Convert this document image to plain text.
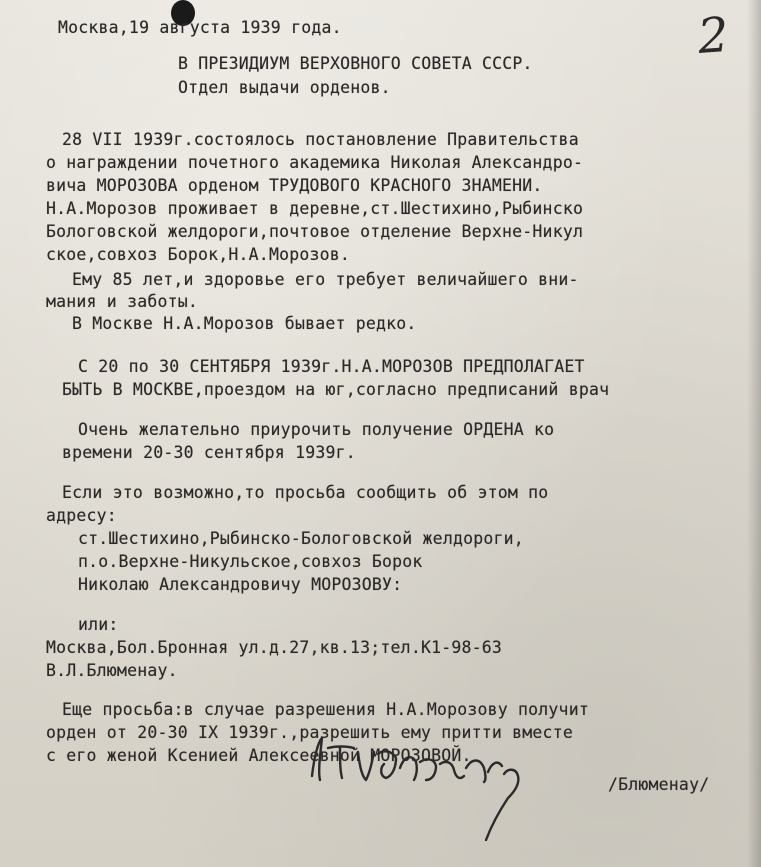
2
Москва,19 августа 1939 года.
В ПРЕЗИДИУМ ВЕРХОВНОГО СОВЕТА СССР.
Отдел выдачи орденов.
28 VII 1939г.состоялось постановление Правительства
о награждении почетного академика Николая Александро-
вича МОРОЗОВА орденом ТРУДОВОГО КРАСНОГО ЗНАМЕНИ.
Н.А.Морозов проживает в деревне,ст.Шестихино,Рыбинско
Бологовской желдороги,почтовое отделение Верхне-Никул
ское,совхоз Борок,Н.А.Морозов.
Ему 85 лет,и здоровье его требует величайшего вни-
мания и заботы.
В Москве Н.А.Морозов бывает редко.
С 20 по 30 СЕНТЯБРЯ 1939г.Н.А.МОРОЗОВ ПРЕДПОЛАГАЕТ
БЫТЬ В МОСКВЕ,проездом на юг,согласно предписаний врач
Очень желательно приурочить получение ОРДЕНА ко
времени 20-30 сентября 1939г.
Если это возможно,то просьба сообщить об этом по
адресу:
ст.Шестихино,Рыбинско-Бологовской желдороги,
п.о.Верхне-Никульское,совхоз Борок
Николаю Александровичу МОРОЗОВУ:
или:
Москва,Бол.Бронная ул.д.27,кв.13;тел.К1-98-63
В.Л.Блюменау.
Еще просьба:в случае разрешения Н.А.Морозову получит
орден от 20-30 IX 1939г.,разрешить ему притти вместе
с его женой Ксенией Алексеевной МОРОЗОВОЙ.
/Блюменау/
